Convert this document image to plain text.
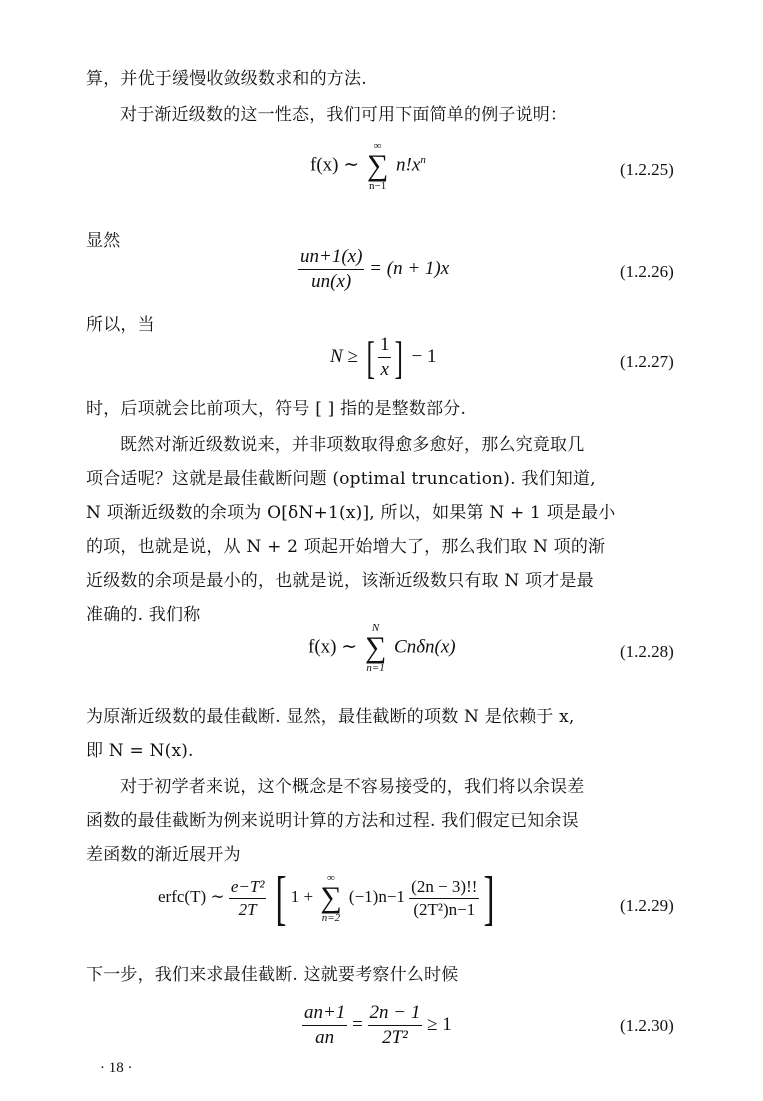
算，并优于缓慢收敛级数求和的方法.
对于渐近级数的这一性态，我们可用下面简单的例子说明：
f(x) ∼
∞
∑
n−1
$n!x^n$	(1.2.25)
显然
$\frac{un+1(x)}{un(x)} = (n + 1)x$	(1.2.26)
所以，当
N ≥ [ $\frac{1}{x}$ ] − 1	(1.2.27)
时，后项就会比前项大，符号 [ ] 指的是整数部分.
既然对渐近级数说来，并非项数取得愈多愈好，那么究竟取几
项合适呢？这就是最佳截断问题 (optimal truncation). 我们知道,
N 项渐近级数的余项为 O[δN+1(x)], 所以，如果第 N + 1 项是最小
的项，也就是说，从 N + 2 项起开始增大了，那么我们取 N 项的渐
近级数的余项是最小的，也就是说，该渐近级数只有取 N 项才是最
准确的. 我们称
f(x) ∼
N
∑
n=1
Cnδn(x)	(1.2.28)
为原渐近级数的最佳截断. 显然，最佳截断的项数 N 是依赖于 x,
即 N = N(x).
对于初学者来说，这个概念是不容易接受的，我们将以余误差
函数的最佳截断为例来说明计算的方法和过程. 我们假定已知余误
差函数的渐近展开为
erfc(T) ∼ $\frac{\text{e−T²}}{2T}$ [ 1 +
∞
∑
n=2
$(-1)n-1 \frac{(2n - 3)!!}{\text{(2T²)n−1}}$ ]	(1.2.29)
下一步，我们来求最佳截断. 这就要考察什么时候
$\frac{an+1}{an} = \frac{2n - 1}{\text{2T²}} \ge 1$	(1.2.30)
· 18 ·
